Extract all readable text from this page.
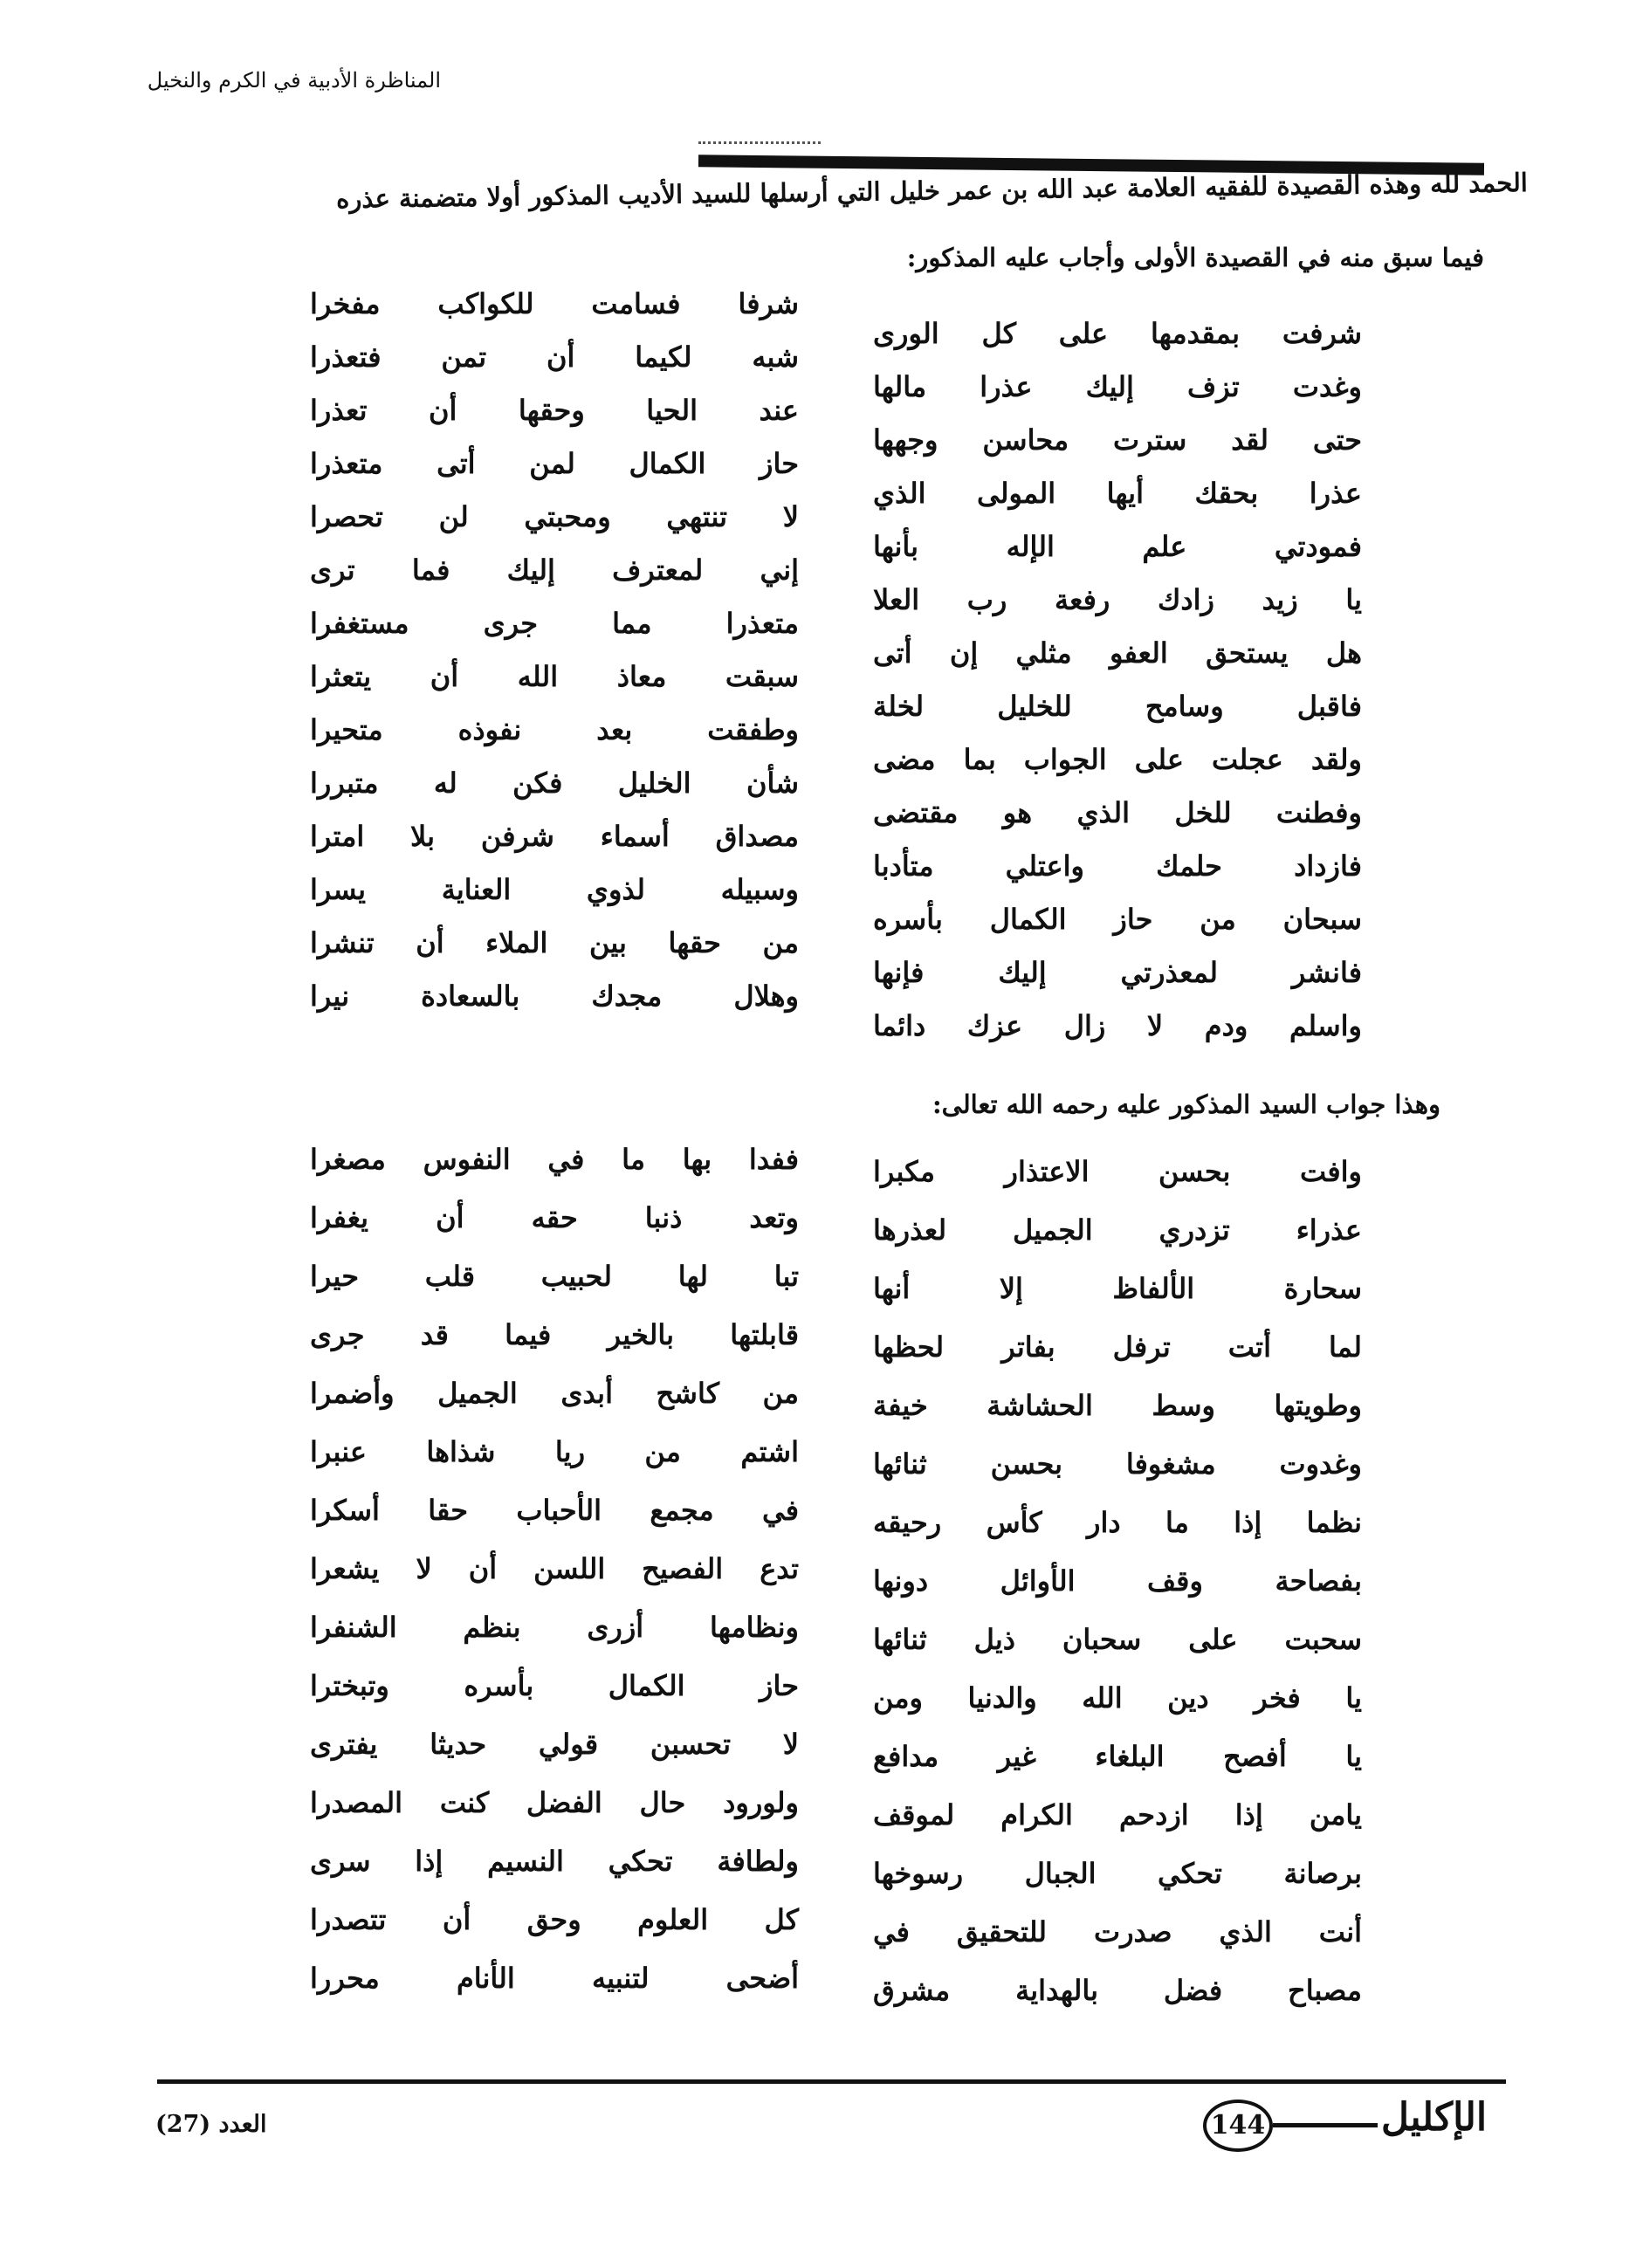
المناظرة الأدبية في الكرم والنخيل
الحمد لله وهذه القصيدة للفقيه العلامة عبد الله بن عمر خليل التي أرسلها للسيد الأديب المذكور أولا متضمنة عذره
فيما سبق منه في القصيدة الأولى وأجاب عليه المذكور:
شرفت بمقدمها على كل الورى
وغدت تزف إليك عذرا مالها
حتى لقد سترت محاسن وجهها
عذرا بحقك أيها المولى الذي
فمودتي علم الإله بأنها
يا زيد زادك رفعة رب العلا
هل يستحق العفو مثلي إن أتى
فاقبل وسامح للخليل لخلة
ولقد عجلت على الجواب بما مضى
وفطنت للخل الذي هو مقتضى
فازداد حلمك واعتلي متأدبا
سبحان من حاز الكمال بأسره
فانشر لمعذرتي إليك فإنها
واسلم ودم لا زال عزك دائما
شرفا فسامت للكواكب مفخرا
شبه لكيما أن تمن فتعذرا
عند الحيا وحقها أن تعذرا
حاز الكمال لمن أتى متعذرا
لا تنتهي ومحبتي لن تحصرا
إني لمعترف إليك فما ترى
متعذرا مما جرى مستغفرا
سبقت معاذ الله أن يتعثرا
وطفقت بعد نفوذه متحيرا
شأن الخليل فكن له متبررا
مصداق أسماء شرفن بلا امترا
وسبيله لذوي العناية يسرا
من حقها بين الملاء أن تنشرا
وهلال مجدك بالسعادة نيرا
وهذا جواب السيد المذكور عليه رحمه الله تعالى:
وافت بحسن الاعتذار مكبرا
عذراء تزدري الجميل لعذرها
سحارة الألفاظ إلا أنها
لما أتت ترفل بفاتر لحظها
وطويتها وسط الحشاشة خيفة
وغدوت مشغوفا بحسن ثنائها
نظما إذا ما دار كأس رحيقه
بفصاحة وقف الأوائل دونها
سحبت على سحبان ذيل ثنائها
يا فخر دين الله والدنيا ومن
يا أفصح البلغاء غير مدافع
يامن إذا ازدحم الكرام لموقف
برصانة تحكي الجبال رسوخها
أنت الذي صدرت للتحقيق في
مصباح فضل بالهداية مشرق
ففدا بها ما في النفوس مصغرا
وتعد ذنبا حقه أن يغفرا
تبا لها لحبيب قلب حيرا
قابلتها بالخير فيما قد جرى
من كاشح أبدى الجميل وأضمرا
اشتم من ريا شذاها عنبرا
في مجمع الأحباب حقا أسكرا
تدع الفصيح اللسن أن لا يشعرا
ونظامها أزرى بنظم الشنفرا
حاز الكمال بأسره وتبخترا
لا تحسبن قولي حديثا يفترى
ولورود حال الفضل كنت المصدرا
ولطافة تحكي النسيم إذا سرى
كل العلوم وحق أن تتصدرا
أضحى لتنبيه الأنام محررا
العدد (27)	144	الإكليل
